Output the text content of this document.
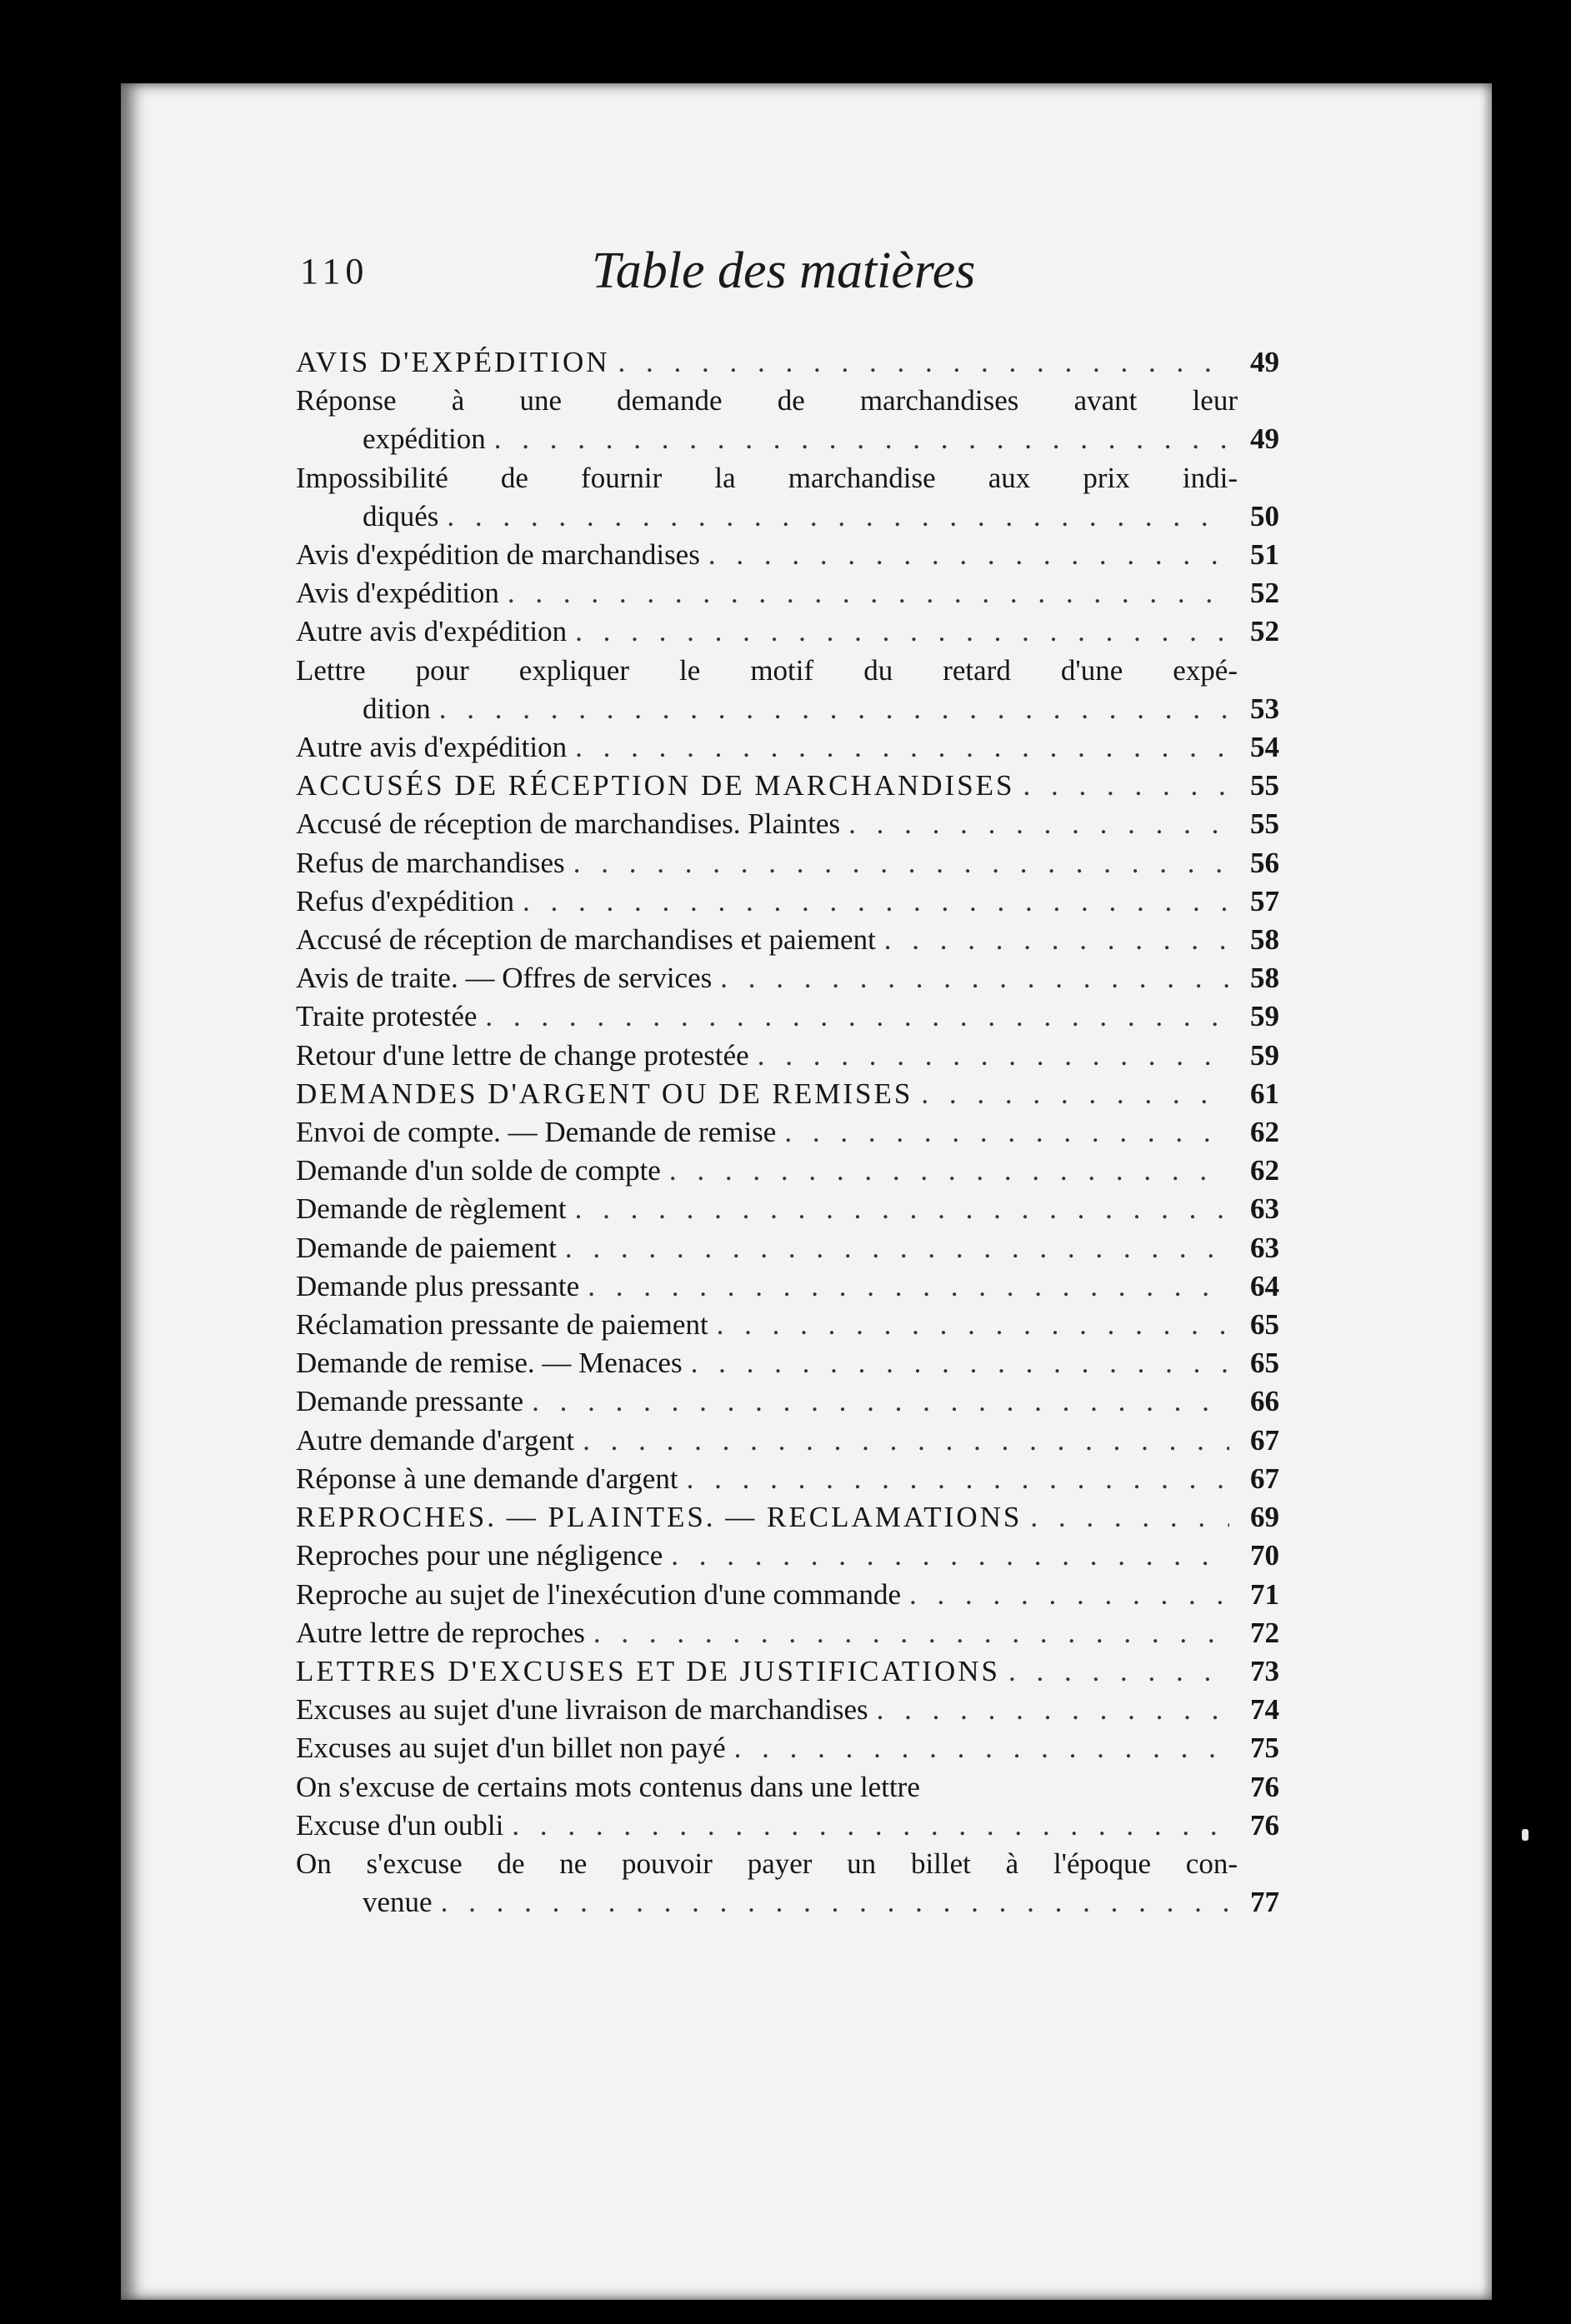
110	Table des matières
AVIS D'EXPÉDITION . . .	49
Réponse à une demande de marchandises avant leur
expédition . . .	49
Impossibilité de fournir la marchandise aux prix indi-
diqués . . .	50
Avis d'expédition de marchandises . . .	51
Avis d'expédition . . .	52
Autre avis d'expédition . . .	52
Lettre pour expliquer le motif du retard d'une expé-
dition . . .	53
Autre avis d'expédition . . .	54
ACCUSÉS DE RÉCEPTION DE MARCHANDISES . . .	55
Accusé de réception de marchandises. Plaintes . . .	55
Refus de marchandises . . .	56
Refus d'expédition . . .	57
Accusé de réception de marchandises et paiement . . .	58
Avis de traite. — Offres de services . . .	58
Traite protestée . . .	59
Retour d'une lettre de change protestée . . .	59
DEMANDES D'ARGENT OU DE REMISES . . .	61
Envoi de compte. — Demande de remise . . .	62
Demande d'un solde de compte . . .	62
Demande de règlement . . .	63
Demande de paiement . . .	63
Demande plus pressante . . .	64
Réclamation pressante de paiement . . .	65
Demande de remise. — Menaces . . .	65
Demande pressante . . .	66
Autre demande d'argent . . .	67
Réponse à une demande d'argent . . .	67
REPROCHES. — PLAINTES. — RECLAMATIONS . . .	69
Reproches pour une négligence . . .	70
Reproche au sujet de l'inexécution d'une commande . . .	71
Autre lettre de reproches . . .	72
LETTRES D'EXCUSES ET DE JUSTIFICATIONS . . .	73
Excuses au sujet d'une livraison de marchandises . . .	74
Excuses au sujet d'un billet non payé . . .	75
On s'excuse de certains mots contenus dans une lettre	76
Excuse d'un oubli . . .	76
On s'excuse de ne pouvoir payer un billet à l'époque con-
venue . . .	77
